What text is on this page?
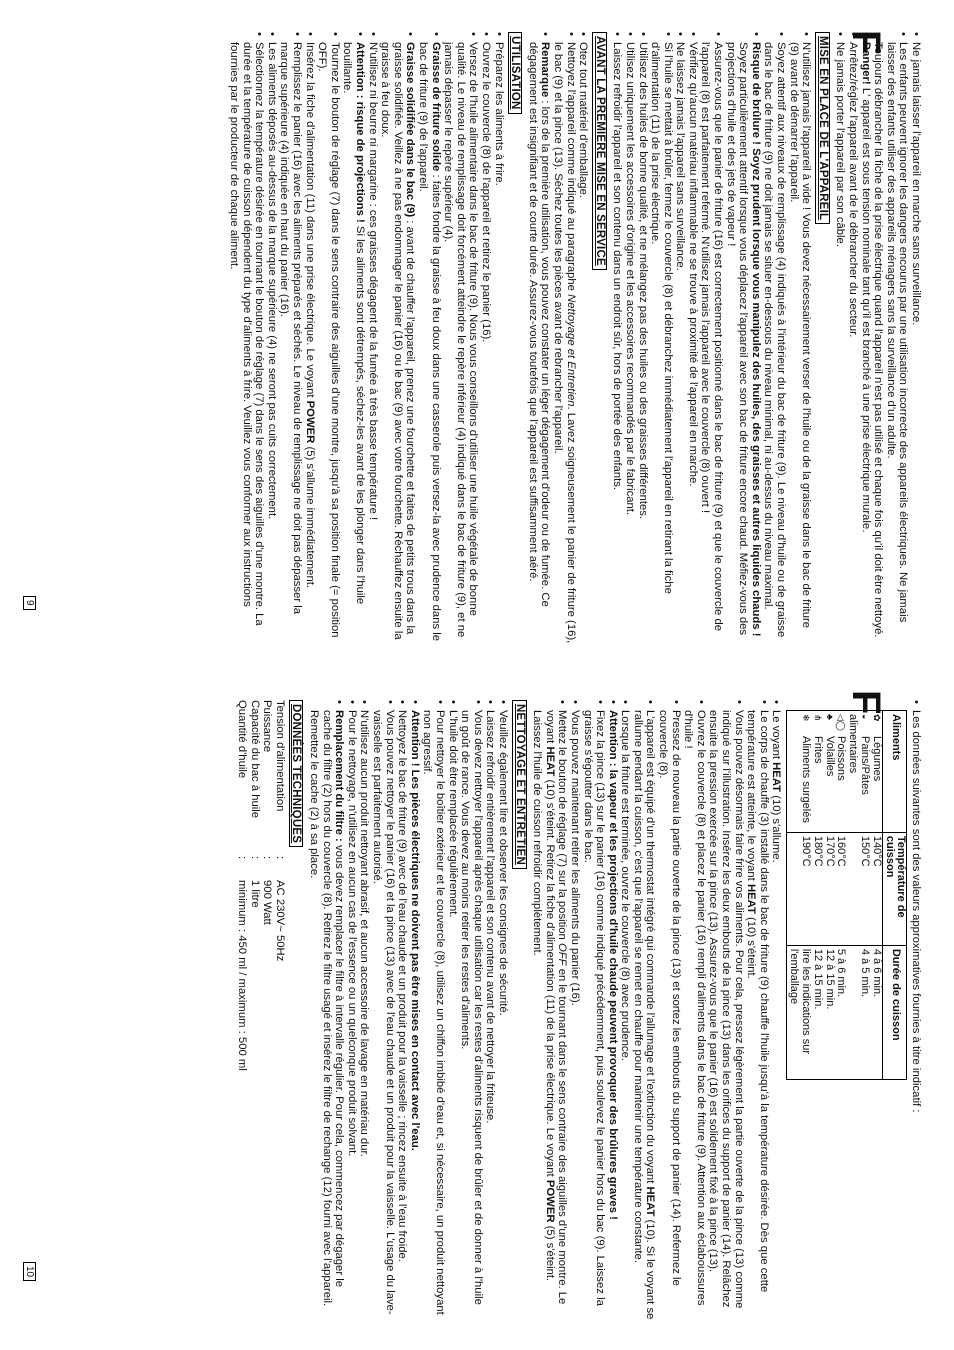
• Ne jamais laisser l'appareil en marche sans surveillance.
• Les enfants peuvent ignorer les dangers encourus par une utilisation incorrecte des appareils électriques. Ne jamais laisser des enfants utiliser des appareils ménagers sans la surveillance d'un adulte.
• Toujours débrancher la fiche de la prise électrique quand l'appareil n'est pas utilisé et chaque fois qu'il doit être nettoyé.
• Danger! L' appareil est sous tension nominale tant qu'il est branché à une prise électrique murale.
• Arrêtez/réglez l'appareil avant de le débrancher du secteur.
• Ne jamais porter l'appareil par son câble.
MISE EN PLACE DE L'APPAREIL
• N'utilisez jamais l'appareil à vide ! Vous devez nécessairement verser de l'huile ou de la graisse dans le bac de friture (9) avant de démarrer l'appareil.
• Soyez attentif aux niveaux de remplissage (4) indiqués à l'intérieur du bac de friture (9). Le niveau d'huile ou de graisse dans le bac de friture (9) ne doit jamais se situer en-dessous du niveau minimal, ni au-dessus du niveau maximal.
• Risque de brûlure ! Soyez prudent lorsque vous manipulez des huiles, des graisses et autres liquides chauds ! Soyez particulièrement attentif lorsque vous déplacez l'appareil avec son bac de friture encore chaud. Méfiez-vous des projections d'huile et des jets de vapeur !
• Assurez-vous que le panier de friture (16) est correctement positionné dans le bac de friture (9) et que le couvercle de l'appareil (8) est parfaitement refermé. N'utilisez jamais l'appareil avec le couvercle (8) ouvert !
• Vérifiez qu'aucun matériau inflammable ne se trouve à proximité de l'appareil en marche.
• Ne laissez jamais l'appareil sans surveillance.
• Si l'huile se mettait à brûler, fermez le couvercle (8) et débranchez immédiatement l'appareil en retirant la fiche d'alimentation (11) de la prise électrique.
• Utilisez des huiles de bonne qualité, et ne mélangez pas des huiles ou des graisses différentes.
• Utilisez uniquement les accessoires d'origine et les accessoires recommandés par le fabricant.
• Laissez refroidir l'appareil et son contenu dans un endroit sûr, hors de portée des enfants.
AVANT LA PREMIERE MISE EN SERVICE
• Otez tout matériel d'emballage.
• Nettoyez l'appareil comme indiqué au paragraphe Nettoyage et Entretien. Lavez soigneusement le panier de friture (16), le bac (9) et la pince (13). Séchez toutes les pièces avant de rebrancher l'appareil.
• Remarque : lors de la première utilisation, vous pouvez constater un léger dégagement d'odeur ou de fumée. Ce dégagement est insignifiant et de courte durée. Assurez-vous toutefois que l'appareil est suffisamment aéré.
UTILISATION
• Préparez les aliments à frire.
• Ouvrez le couvercle (8) de l'appareil et retirez le panier (16).
• Versez de l'huile alimentaire dans le bac de friture (9). Nous vous conseillons d'utiliser une huile végétale de bonne qualité. Le niveau de remplissage doit forcément atteindre le repère inférieur (4) indiqué dans le bac de friture (9), et ne jamais dépasser le repère supérieur (4).
• Graisse de friture solide : faites fondre la graisse à feu doux dans une casserole puis versez-la avec prudence dans le bac de friture (9) de l'appareil.
• Graisse solidifiée dans le bac (9) : avant de chauffer l'appareil, prenez une fourchette et faites de petits trous dans la graisse solidifiée. Veillez à ne pas endommager le panier (16) ou le bac (9) avec votre fourchette. Réchauffez ensuite la graisse à feu doux.
• N'utilisez ni beurre ni margarine : ces graisses dégagent de la fumée à très basse température !
• Attention : risque de projections ! Si les aliments sont détrempés, séchez-les avant de les plonger dans l'huile bouillante.
• Tournez le bouton de réglage (7) dans le sens contraire des aiguilles d'une montre, jusqu'à sa position finale (= position OFF).
• Insérez la fiche d'alimentation (11) dans une prise électrique. Le voyant POWER (5) s'allume immédiatement.
• Remplissez le panier (16) avec les aliments préparés et séchés. Le niveau de remplissage ne doit pas dépasser la marque supérieure (4) indiquée en haut du panier (16).
• Les aliments déposés au-dessus de la marque supérieure (4) ne seront pas cuits correctement.
• Sélectionnez la température désirée en tournant le bouton de réglage (7) dans le sens des aiguilles d'une montre. La durée et la température de cuisson dépendent du type d'aliments à frire. Veuillez vous conformer aux instructions fournies par le producteur de chaque aliment.	F
9
• Les données suivantes sont des valeurs approximatives fournies à titre indicatif :
Aliments	Température de cuisson	Durée de cuisson
✿Légumes	140°C	4 à 6 min.
◒Pains/Pâtes alimentaires	150°C	4 à 5 min.
◁◯Poissons	160°C	5 à 6 min.
♣Volailles	170°C	12 à 15 min.
⋔Frites	180°C	12 à 15 min.
❄Aliments surgelés	190°C	lire les indications sur l'emballage
• Le voyant HEAT (10) s'allume.
• Le corps de chauffe (3) installé dans le bac de friture (9) chauffe l'huile jusqu'à la température désirée. Dès que cette température est atteinte, le voyant HEAT (10) s'éteint.
• Vous pouvez désormais faire frire vos aliments. Pour cela, pressez légèrement la partie ouverte de la pince (13) comme indiqué sur l'illustration. Insérez les deux embouts de la pince (13) dans les orifices du support de panier (14). Relâchez ensuite la pression exercée sur la pince (13). Assurez-vous que le panier (16) est solidement fixé à la pince (13).
• Ouvrez le couvercle (8) et placez le panier (16) rempli d'aliments dans le bac de friture (9). Attention aux éclaboussures d'huile !
• Pressez de nouveau la partie ouverte de la pince (13) et sortez les embouts du support de panier (14). Refermez le couvercle (8).
• L'appareil est équipé d'un thermostat intégré qui commande l'allumage et l'extinction du voyant HEAT (10). Si le voyant se rallume pendant la cuisson, c'est que l'appareil se remet en chauffe pour maintenir une température constante.
• Lorsque la friture est terminée, ouvrez le couvercle (8) avec prudence.
• Attention : la vapeur et les projections d'huile chaude peuvent provoquer des brûlures graves !
• Fixez la pince (13) sur le panier (16) comme indiqué précédemment, puis soulevez le panier hors du bac (9). Laissez la graisse s'égoutter dans le bac.
• Vous pouvez maintenant retirer les aliments du panier (16).
• Mettez le bouton de réglage (7) sur la position OFF en le tournant dans le sens contraire des aiguilles d'une montre. Le voyant HEAT (10) s'éteint. Retirez la fiche d'alimentation (11) de la prise électrique. Le voyant POWER (5) s'éteint. Laissez l'huile de cuisson refroidir complètement.
NETTOYAGE ET ENTRETIEN
• Veuillez également lire et observer les consignes de sécurité.
• Laissez refroidir entièrement l'appareil et son contenu avant de nettoyer la friteuse.
• Vous devez nettoyer l'appareil après chaque utilisation car les restes d'aliments risquent de brûler et de donner à l'huile un goût de rance. Vous devez au moins retirer les restes d'aliments.
• L'huile doit être remplacée régulièrement.
• Pour nettoyer le boîtier extérieur et le couvercle (8), utilisez un chiffon imbibé d'eau et, si nécessaire, un produit nettoyant non agressif.
• Attention ! Les pièces électriques ne doivent pas être mises en contact avec l'eau.
• Nettoyez le bac de friture (9) avec de l'eau chaude et un produit pour la vaisselle ; rincez ensuite à l'eau froide.
• Vous pouvez nettoyer le panier (16) et la pince (13) avec de l'eau chaude et un produit pour la vaisselle. L'usage du lave-vaisselle est parfaitement autorisé.
• N'utilisez aucun produit nettoyant abrasif, et aucun accessoire de lavage en matériau dur.
• Pour le nettoyage, n'utilisez en aucun cas de l'essence ou un quelconque produit solvant.
• Remplacement du filtre : vous devez remplacer le filtre à intervalle régulier. Pour cela, commencez par dégager le cache du filtre (2) hors du couvercle (8). Retirez le filtre usagé et insérez le filtre de rechange (12) fourni avec l'appareil. Remettez le cache (2) à sa place.
DONNÉES TECHNIQUES
Tension d'alimentation	:	AC 230V~ 50Hz
Puissance	:	900 Watt
Capacité du bac à huile	:	1 litre
Quantité d'huile	:	minimum : 450 ml / maximum : 500 ml
F
10
